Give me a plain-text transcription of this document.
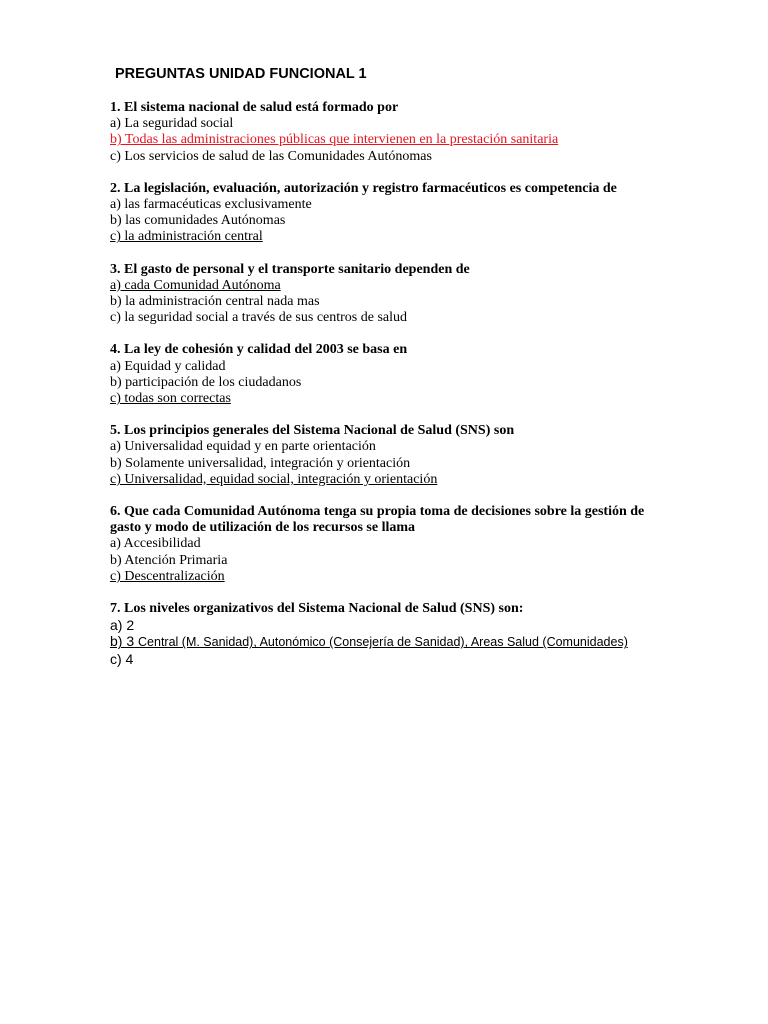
PREGUNTAS UNIDAD FUNCIONAL 1
1. El sistema nacional de salud está formado por
a) La seguridad social
b) Todas las administraciones públicas que intervienen en la prestación sanitaria
c) Los servicios de salud de las Comunidades Autónomas
2. La legislación, evaluación, autorización y registro farmacéuticos es competencia de
a) las farmacéuticas exclusivamente
b) las comunidades Autónomas
c) la administración central
3. El gasto de personal y el transporte sanitario dependen de
a) cada Comunidad Autónoma
b) la administración central nada mas
c) la seguridad social a través de sus centros de salud
4. La ley de cohesión y calidad del 2003 se basa en
a) Equidad y calidad
b) participación de los ciudadanos
c) todas son correctas
5. Los principios generales del Sistema Nacional de Salud (SNS) son
a) Universalidad equidad y en parte orientación
b) Solamente universalidad, integración y orientación
c) Universalidad, equidad social, integración y orientación
6. Que cada Comunidad Autónoma tenga su propia toma de decisiones sobre la gestión de gasto y modo de utilización de los recursos se llama
a) Accesibilidad
b) Atención Primaria
c) Descentralización
7. Los niveles organizativos del Sistema Nacional de Salud (SNS) son:
a) 2
b) 3 Central (M. Sanidad), Autonómico (Consejería de Sanidad), Areas Salud (Comunidades)
c) 4
